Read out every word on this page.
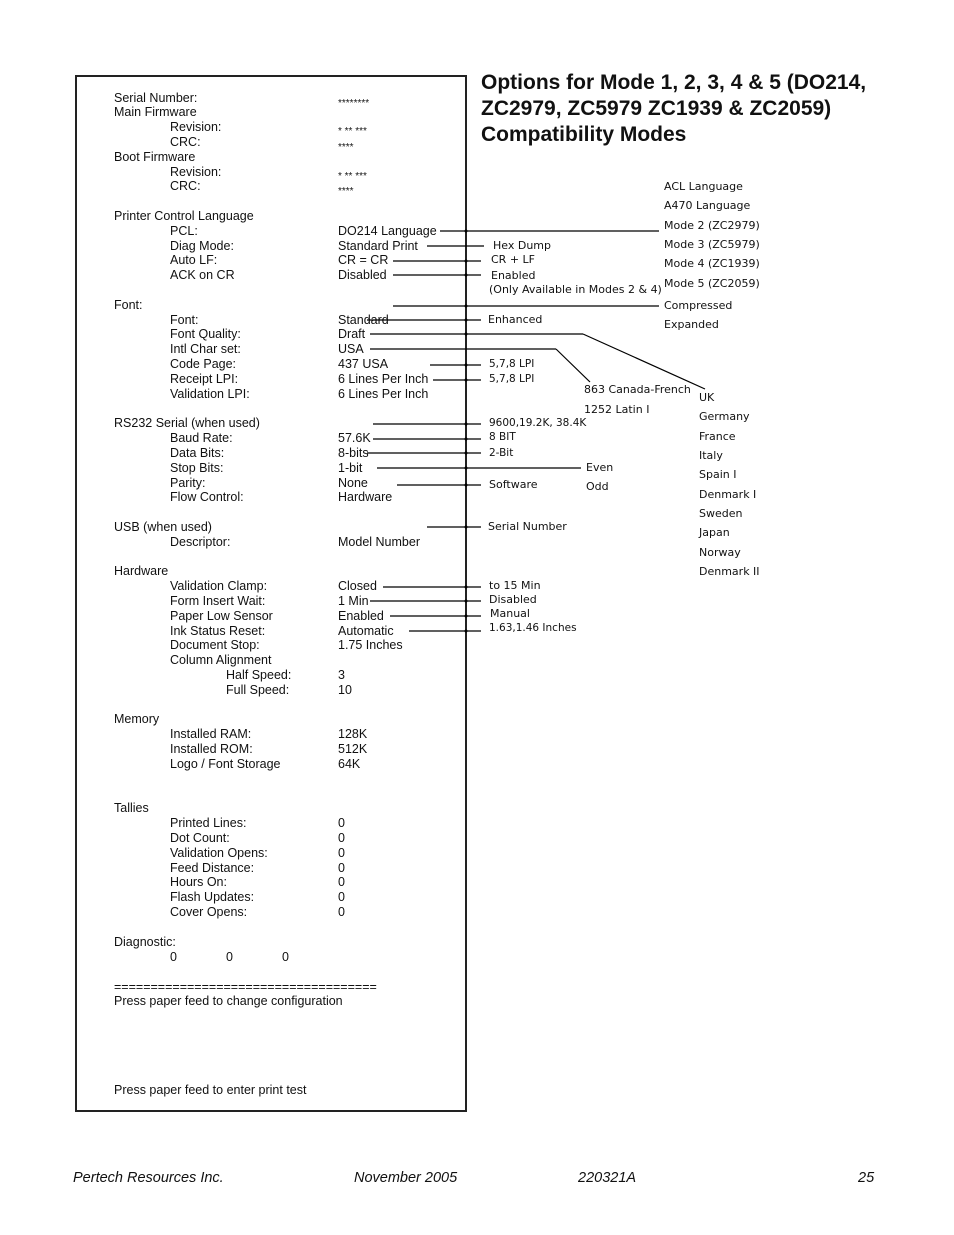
Serial Number:	********
Main Firmware
Revision:	* ** ***
CRC:	****
Boot Firmware
Revision:	* ** ***
CRC:	****
Printer Control Language
PCL:	DO214 Language
Diag Mode:	Standard Print
Auto LF:	CR = CR
ACK on CR	Disabled
Font:
Font:	Standard
Font Quality:	Draft
Intl Char set:	USA
Code Page:	437 USA
Receipt LPI:	6 Lines Per Inch
Validation LPI:	6 Lines Per Inch
RS232 Serial (when used)
Baud Rate:	57.6K
Data Bits:	8-bits
Stop Bits:	1-bit
Parity:	None
Flow Control:	Hardware
USB (when used)
Descriptor:	Model Number
Hardware
Validation Clamp:	Closed
Form Insert Wait:	1 Min
Paper Low Sensor	Enabled
Ink Status Reset:	Automatic
Document Stop:	1.75 Inches
Column Alignment
Half Speed:	3
Full Speed:	10
Memory
Installed RAM:	128K
Installed ROM:	512K
Logo / Font Storage	64K
Tallies
Printed Lines:	0
Dot Count:	0
Validation Opens:	0
Feed Distance:	0
Hours On:	0
Flash Updates:	0
Cover Opens:	0
Diagnostic:
0	0	0
====================================
Press paper feed to change configuration
Press paper feed to enter print test
Options for Mode 1, 2, 3, 4 & 5 (DO214,
ZC2979, ZC5979 ZC1939 & ZC2059)
Compatibility Modes
ACL Language
A470 Language
Mode 2 (ZC2979)
Mode 3 (ZC5979)
Mode 4 (ZC1939)
Mode 5 (ZC2059)
Compressed
Expanded
UK
Germany
France
Italy
Spain I
Denmark I
Sweden
Japan
Norway
Denmark II
863 Canada-French
1252 Latin I
Even
Odd
Hex Dump
CR + LF
Enabled
(Only Available in Modes 2 & 4)
Enhanced
5,7,8 LPI
5,7,8 LPI
9600,19.2K, 38.4K
8 BIT
2-Bit
Software
Serial Number
to 15 Min
Disabled
Manual
1.63,1.46 Inches
Pertech Resources Inc.	November 2005	220321A	25
